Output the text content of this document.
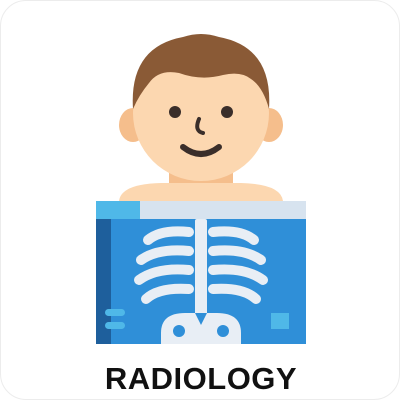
RADIOLOGY
